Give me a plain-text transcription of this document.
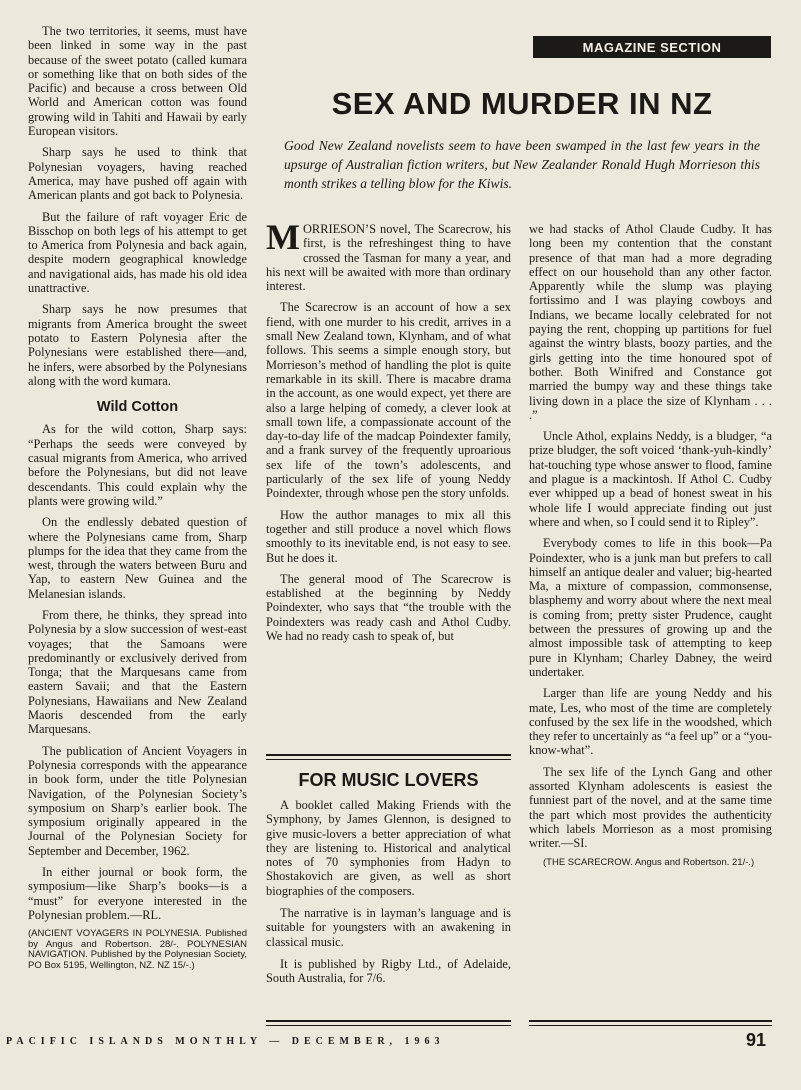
The two territories, it seems, must have been linked in some way in the past because of the sweet potato (called kumara or something like that on both sides of the Pacific) and because a cross between Old World and American cotton was found growing wild in Tahiti and Hawaii by early European visitors.

Sharp says he used to think that Polynesian voyagers, having reached America, may have pushed off again with American plants and got back to Polynesia.

But the failure of raft voyager Eric de Bisschop on both legs of his attempt to get to America from Polynesia and back again, despite modern geographical knowledge and navigational aids, has made his old idea unattractive.

Sharp says he now presumes that migrants from America brought the sweet potato to Eastern Polynesia after the Polynesians were established there—and, he infers, were absorbed by the Polynesians along with the word kumara.

Wild Cotton

As for the wild cotton, Sharp says: “Perhaps the seeds were conveyed by casual migrants from America, who arrived before the Polynesians, but did not leave descendants. This could explain why the plants were growing wild.”

On the endlessly debated question of where the Polynesians came from, Sharp plumps for the idea that they came from the west, through the waters between Buru and Yap, to eastern New Guinea and the Melanesian islands.

From there, he thinks, they spread into Polynesia by a slow succession of west-east voyages; that the Samoans were predominantly or exclusively derived from Tonga; that the Marquesans came from eastern Savaii; and that the Eastern Polynesians, Hawaiians and New Zealand Maoris descended from the early Marquesans.

The publication of Ancient Voyagers in Polynesia corresponds with the appearance in book form, under the title Polynesian Navigation, of the Polynesian Society’s symposium on Sharp’s earlier book. The symposium originally appeared in the Journal of the Polynesian Society for September and December, 1962.

In either journal or book form, the symposium—like Sharp’s books—is a “must” for everyone interested in the Polynesian problem.—RL.

(ANCIENT VOYAGERS IN POLYNESIA. Published by Angus and Robertson. 28/-. POLYNESIAN NAVIGATION. Published by the Polynesian Society, PO Box 5195, Wellington, NZ. NZ 15/-.)

MAGAZINE SECTION
SEX AND MURDER IN NZ
Good New Zealand novelists seem to have been swamped in the last few years in the upsurge of Australian fiction writers, but New Zealander Ronald Hugh Morrieson this month strikes a telling blow for the Kiwis.

MORRIESON’S novel, The Scarecrow, his first, is the refreshingest thing to have crossed the Tasman for many a year, and his next will be awaited with more than ordinary interest.

The Scarecrow is an account of how a sex fiend, with one murder to his credit, arrives in a small New Zealand town, Klynham, and of what follows. This seems a simple enough story, but Morrieson’s method of handling the plot is quite remarkable in its skill. There is macabre drama in the account, as one would expect, yet there are also a large helping of comedy, a clever look at small town life, a compassionate account of the day-to-day life of the madcap Poindexter family, and a frank survey of the frequently uproarious sex life of the town’s adolescents, and particularly of the sex life of young Neddy Poindexter, through whose pen the story unfolds.

How the author manages to mix all this together and still produce a novel which flows smoothly to its inevitable end, is not easy to see. But he does it.

The general mood of The Scarecrow is established at the beginning by Neddy Poindexter, who says that “the trouble with the Poindexters was ready cash and Athol Cudby. We had no ready cash to speak of, but

FOR MUSIC LOVERS

A booklet called Making Friends with the Symphony, by James Glennon, is designed to give music-lovers a better appreciation of what they are listening to. Historical and analytical notes of 70 symphonies from Hadyn to Shostakovich are given, as well as short biographies of the composers.

The narrative is in layman’s language and is suitable for youngsters with an awakening in classical music.

It is published by Rigby Ltd., of Adelaide, South Australia, for 7/6.

we had stacks of Athol Claude Cudby. It has long been my contention that the constant presence of that man had a more degrading effect on our household than any other factor. Apparently while the slump was playing fortissimo and I was playing cowboys and Indians, we became locally celebrated for not paying the rent, chopping up partitions for fuel against the wintry blasts, boozy parties, and the girls getting into the time honoured spot of bother. Both Winifred and Constance got married the bumpy way and these things take living down in a place the size of Klynham . . . .”

Uncle Athol, explains Neddy, is a bludger, “a prize bludger, the soft voiced ‘thank-yuh-kindly’ hat-touching type whose answer to flood, famine and plague is a mackintosh. If Athol C. Cudby ever whipped up a bead of honest sweat in his whole life I would appreciate finding out just where and when, so I could send it to Ripley”.

Everybody comes to life in this book—Pa Poindexter, who is a junk man but prefers to call himself an antique dealer and valuer; big-hearted Ma, a mixture of compassion, commonsense, blasphemy and worry about where the next meal is coming from; pretty sister Prudence, caught between the pressures of growing up and the almost impossible task of attempting to keep pure in Klynham; Charley Dabney, the weird undertaker.

Larger than life are young Neddy and his mate, Les, who most of the time are completely confused by the sex life in the woodshed, which they refer to uncertainly as “a feel up” or a “you-know-what”.

The sex life of the Lynch Gang and other assorted Klynham adolescents is easiest the funniest part of the novel, and at the same time the part which most provides the authenticity which labels Morrieson as a most promising writer.—SI.

(THE SCARECROW. Angus and Robertson. 21/-.)

PACIFIC ISLANDS MONTHLY — DECEMBER, 1963	91
